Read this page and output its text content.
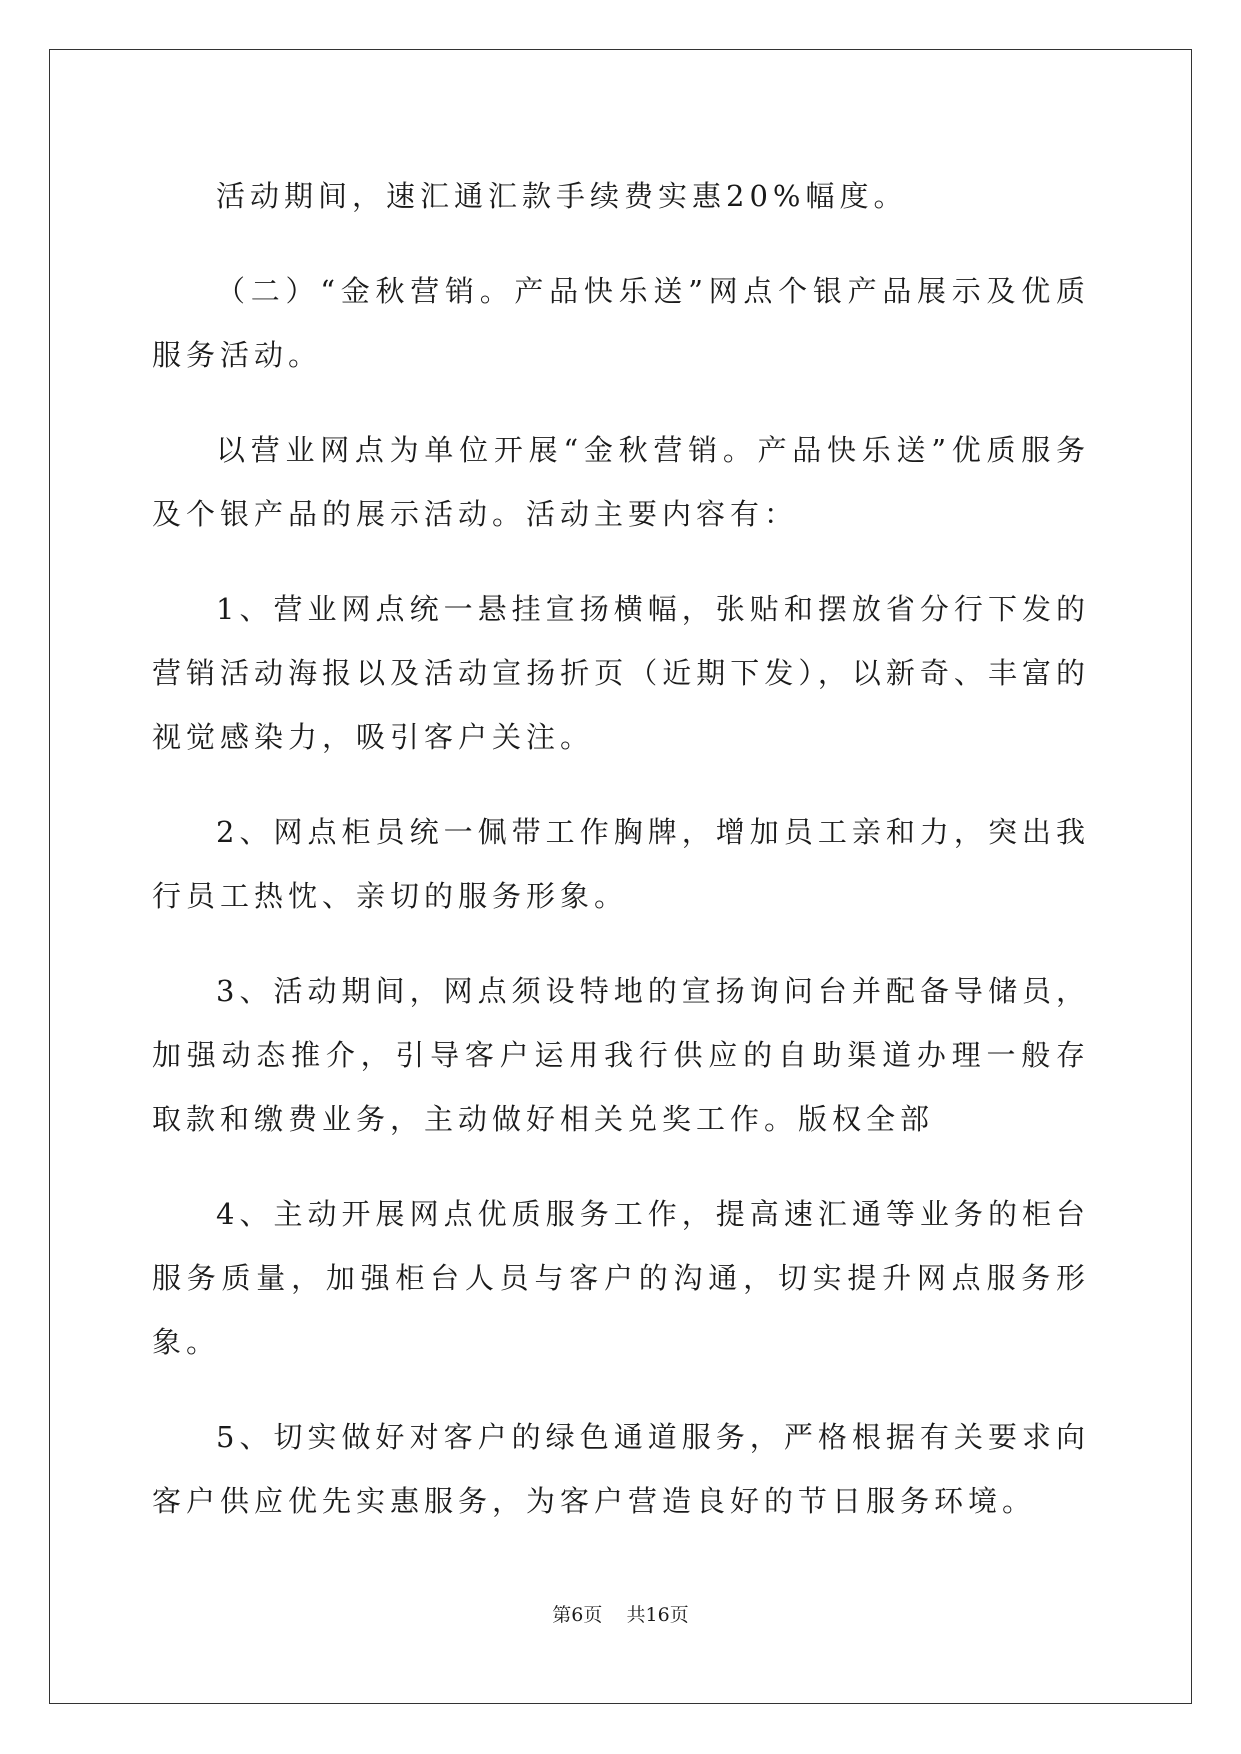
活动期间，速汇通汇款手续费实惠20%幅度。

（二）“金秋营销。产品快乐送”网点个银产品展示及优质服务活动。

以营业网点为单位开展“金秋营销。产品快乐送”优质服务及个银产品的展示活动。活动主要内容有：

1、营业网点统一悬挂宣扬横幅，张贴和摆放省分行下发的营销活动海报以及活动宣扬折页（近期下发），以新奇、丰富的视觉感染力，吸引客户关注。

2、网点柜员统一佩带工作胸牌，增加员工亲和力，突出我行员工热忱、亲切的服务形象。

3、活动期间，网点须设特地的宣扬询问台并配备导储员，加强动态推介，引导客户运用我行供应的自助渠道办理一般存取款和缴费业务，主动做好相关兑奖工作。版权全部

4、主动开展网点优质服务工作，提高速汇通等业务的柜台服务质量，加强柜台人员与客户的沟通，切实提升网点服务形象。

5、切实做好对客户的绿色通道服务，严格根据有关要求向客户供应优先实惠服务，为客户营造良好的节日服务环境。

第6页 共16页
